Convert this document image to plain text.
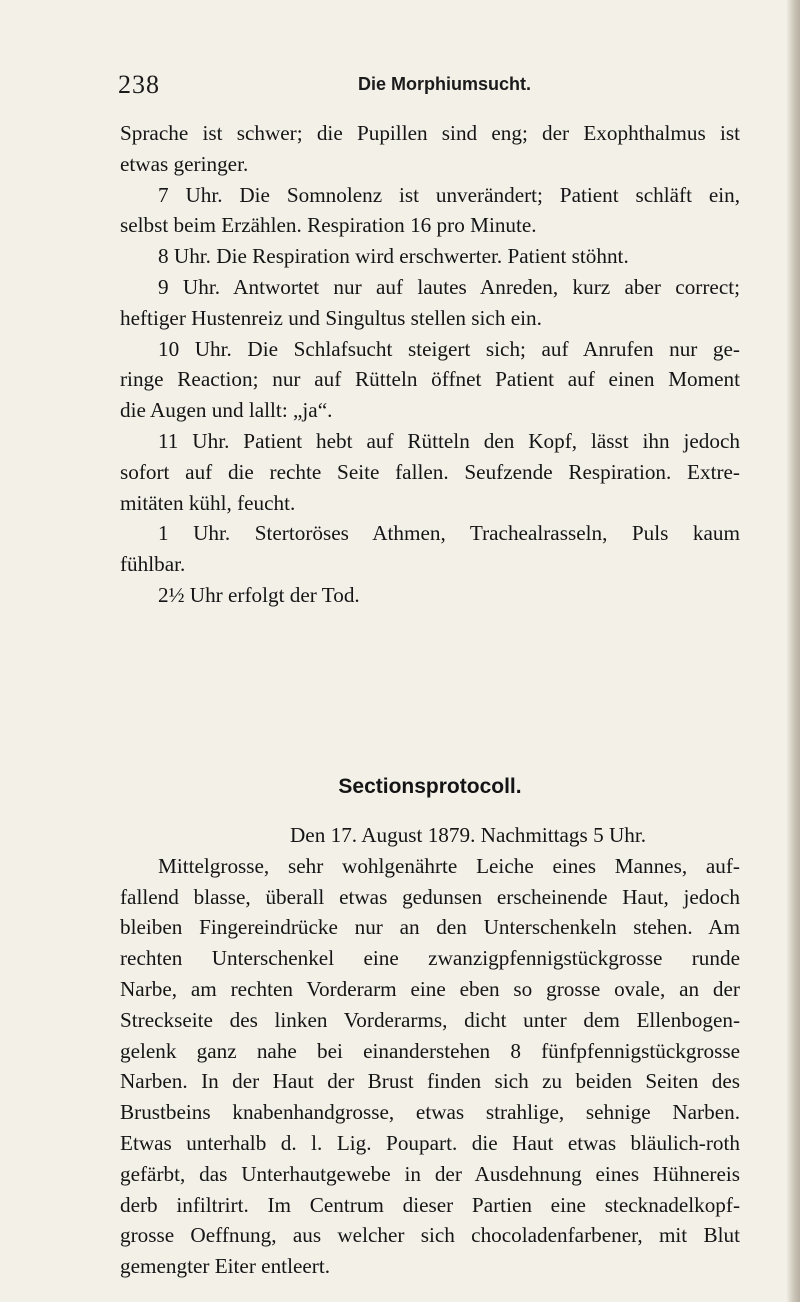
238	Die Morphiumsucht.
Sprache ist schwer; die Pupillen sind eng; der Exophthalmus ist
etwas geringer.
7 Uhr. Die Somnolenz ist unverändert; Patient schläft ein,
selbst beim Erzählen. Respiration 16 pro Minute.
8 Uhr. Die Respiration wird erschwerter. Patient stöhnt.
9 Uhr. Antwortet nur auf lautes Anreden, kurz aber correct;
heftiger Hustenreiz und Singultus stellen sich ein.
10 Uhr. Die Schlafsucht steigert sich; auf Anrufen nur ge-
ringe Reaction; nur auf Rütteln öffnet Patient auf einen Moment
die Augen und lallt: „ja“.
11 Uhr. Patient hebt auf Rütteln den Kopf, lässt ihn jedoch
sofort auf die rechte Seite fallen. Seufzende Respiration. Extre-
mitäten kühl, feucht.
1 Uhr. Stertoröses Athmen, Trachealrasseln, Puls kaum
fühlbar.
2½ Uhr erfolgt der Tod.
Sectionsprotocoll.
Den 17. August 1879. Nachmittags 5 Uhr.
Mittelgrosse, sehr wohlgenährte Leiche eines Mannes, auf-
fallend blasse, überall etwas gedunsen erscheinende Haut, jedoch
bleiben Fingereindrücke nur an den Unterschenkeln stehen. Am
rechten Unterschenkel eine zwanzigpfennigstückgrosse runde
Narbe, am rechten Vorderarm eine eben so grosse ovale, an der
Streckseite des linken Vorderarms, dicht unter dem Ellenbogen-
gelenk ganz nahe bei einanderstehen 8 fünfpfennigstückgrosse
Narben. In der Haut der Brust finden sich zu beiden Seiten des
Brustbeins knabenhandgrosse, etwas strahlige, sehnige Narben.
Etwas unterhalb d. l. Lig. Poupart. die Haut etwas bläulich-roth
gefärbt, das Unterhautgewebe in der Ausdehnung eines Hühnereis
derb infiltrirt. Im Centrum dieser Partien eine stecknadelkopf-
grosse Oeffnung, aus welcher sich chocoladenfarbener, mit Blut
gemengter Eiter entleert.
